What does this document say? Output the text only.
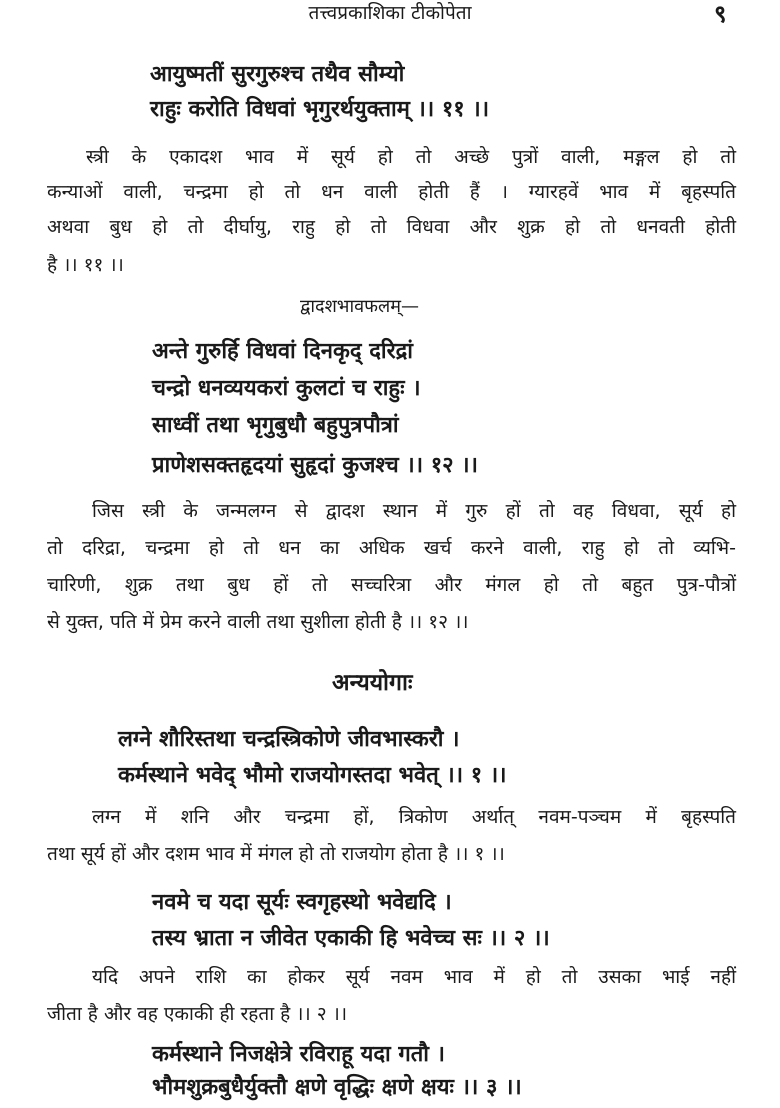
तत्त्वप्रकाशिका टीकोपेता	९
आयुष्मतीं सुरगुरुश्च तथैव सौम्यो
राहुः करोति विधवां भृगुरर्थयुक्ताम् ।। ११ ।।
स्त्री के एकादश भाव में सूर्य हो तो अच्छे पुत्रों वाली, मङ्गल हो तो
कन्याओं वाली, चन्द्रमा हो तो धन वाली होती हैं । ग्यारहवें भाव में बृहस्पति
अथवा बुध हो तो दीर्घायु, राहु हो तो विधवा और शुक्र हो तो धनवती होती
है ।। ११ ।।
द्वादशभावफलम्—
अन्ते गुरुर्हि विधवां दिनकृद् दरिद्रां
चन्द्रो धनव्ययकरां कुलटां च राहुः ।
साध्वीं तथा भृगुबुधौ बहुपुत्रपौत्रां
प्राणेशसक्तहृदयां सुहृदां कुजश्च ।। १२ ।।
जिस स्त्री के जन्मलग्न से द्वादश स्थान में गुरु हों तो वह विधवा, सूर्य हो
तो दरिद्रा, चन्द्रमा हो तो धन का अधिक खर्च करने वाली, राहु हो तो व्यभि-
चारिणी, शुक्र तथा बुध हों तो सच्चरित्रा और मंगल हो तो बहुत पुत्र-पौत्रों
से युक्त, पति में प्रेम करने वाली तथा सुशीला होती है ।। १२ ।।
अन्ययोगाः
लग्ने शौरिस्तथा चन्द्रस्त्रिकोणे जीवभास्करौ ।
कर्मस्थाने भवेद् भौमो राजयोगस्तदा भवेत् ।। १ ।।
लग्न में शनि और चन्द्रमा हों, त्रिकोण अर्थात् नवम-पञ्चम में बृहस्पति
तथा सूर्य हों और दशम भाव में मंगल हो तो राजयोग होता है ।। १ ।।
नवमे च यदा सूर्यः स्वगृहस्थो भवेद्यदि ।
तस्य भ्राता न जीवेत एकाकी हि भवेच्च सः ।। २ ।।
यदि अपने राशि का होकर सूर्य नवम भाव में हो तो उसका भाई नहीं
जीता है और वह एकाकी ही रहता है ।। २ ।।
कर्मस्थाने निजक्षेत्रे रविराहू यदा गतौ ।
भौमशुक्रबुधैर्युक्तौ क्षणे वृद्धिः क्षणे क्षयः ।। ३ ।।
